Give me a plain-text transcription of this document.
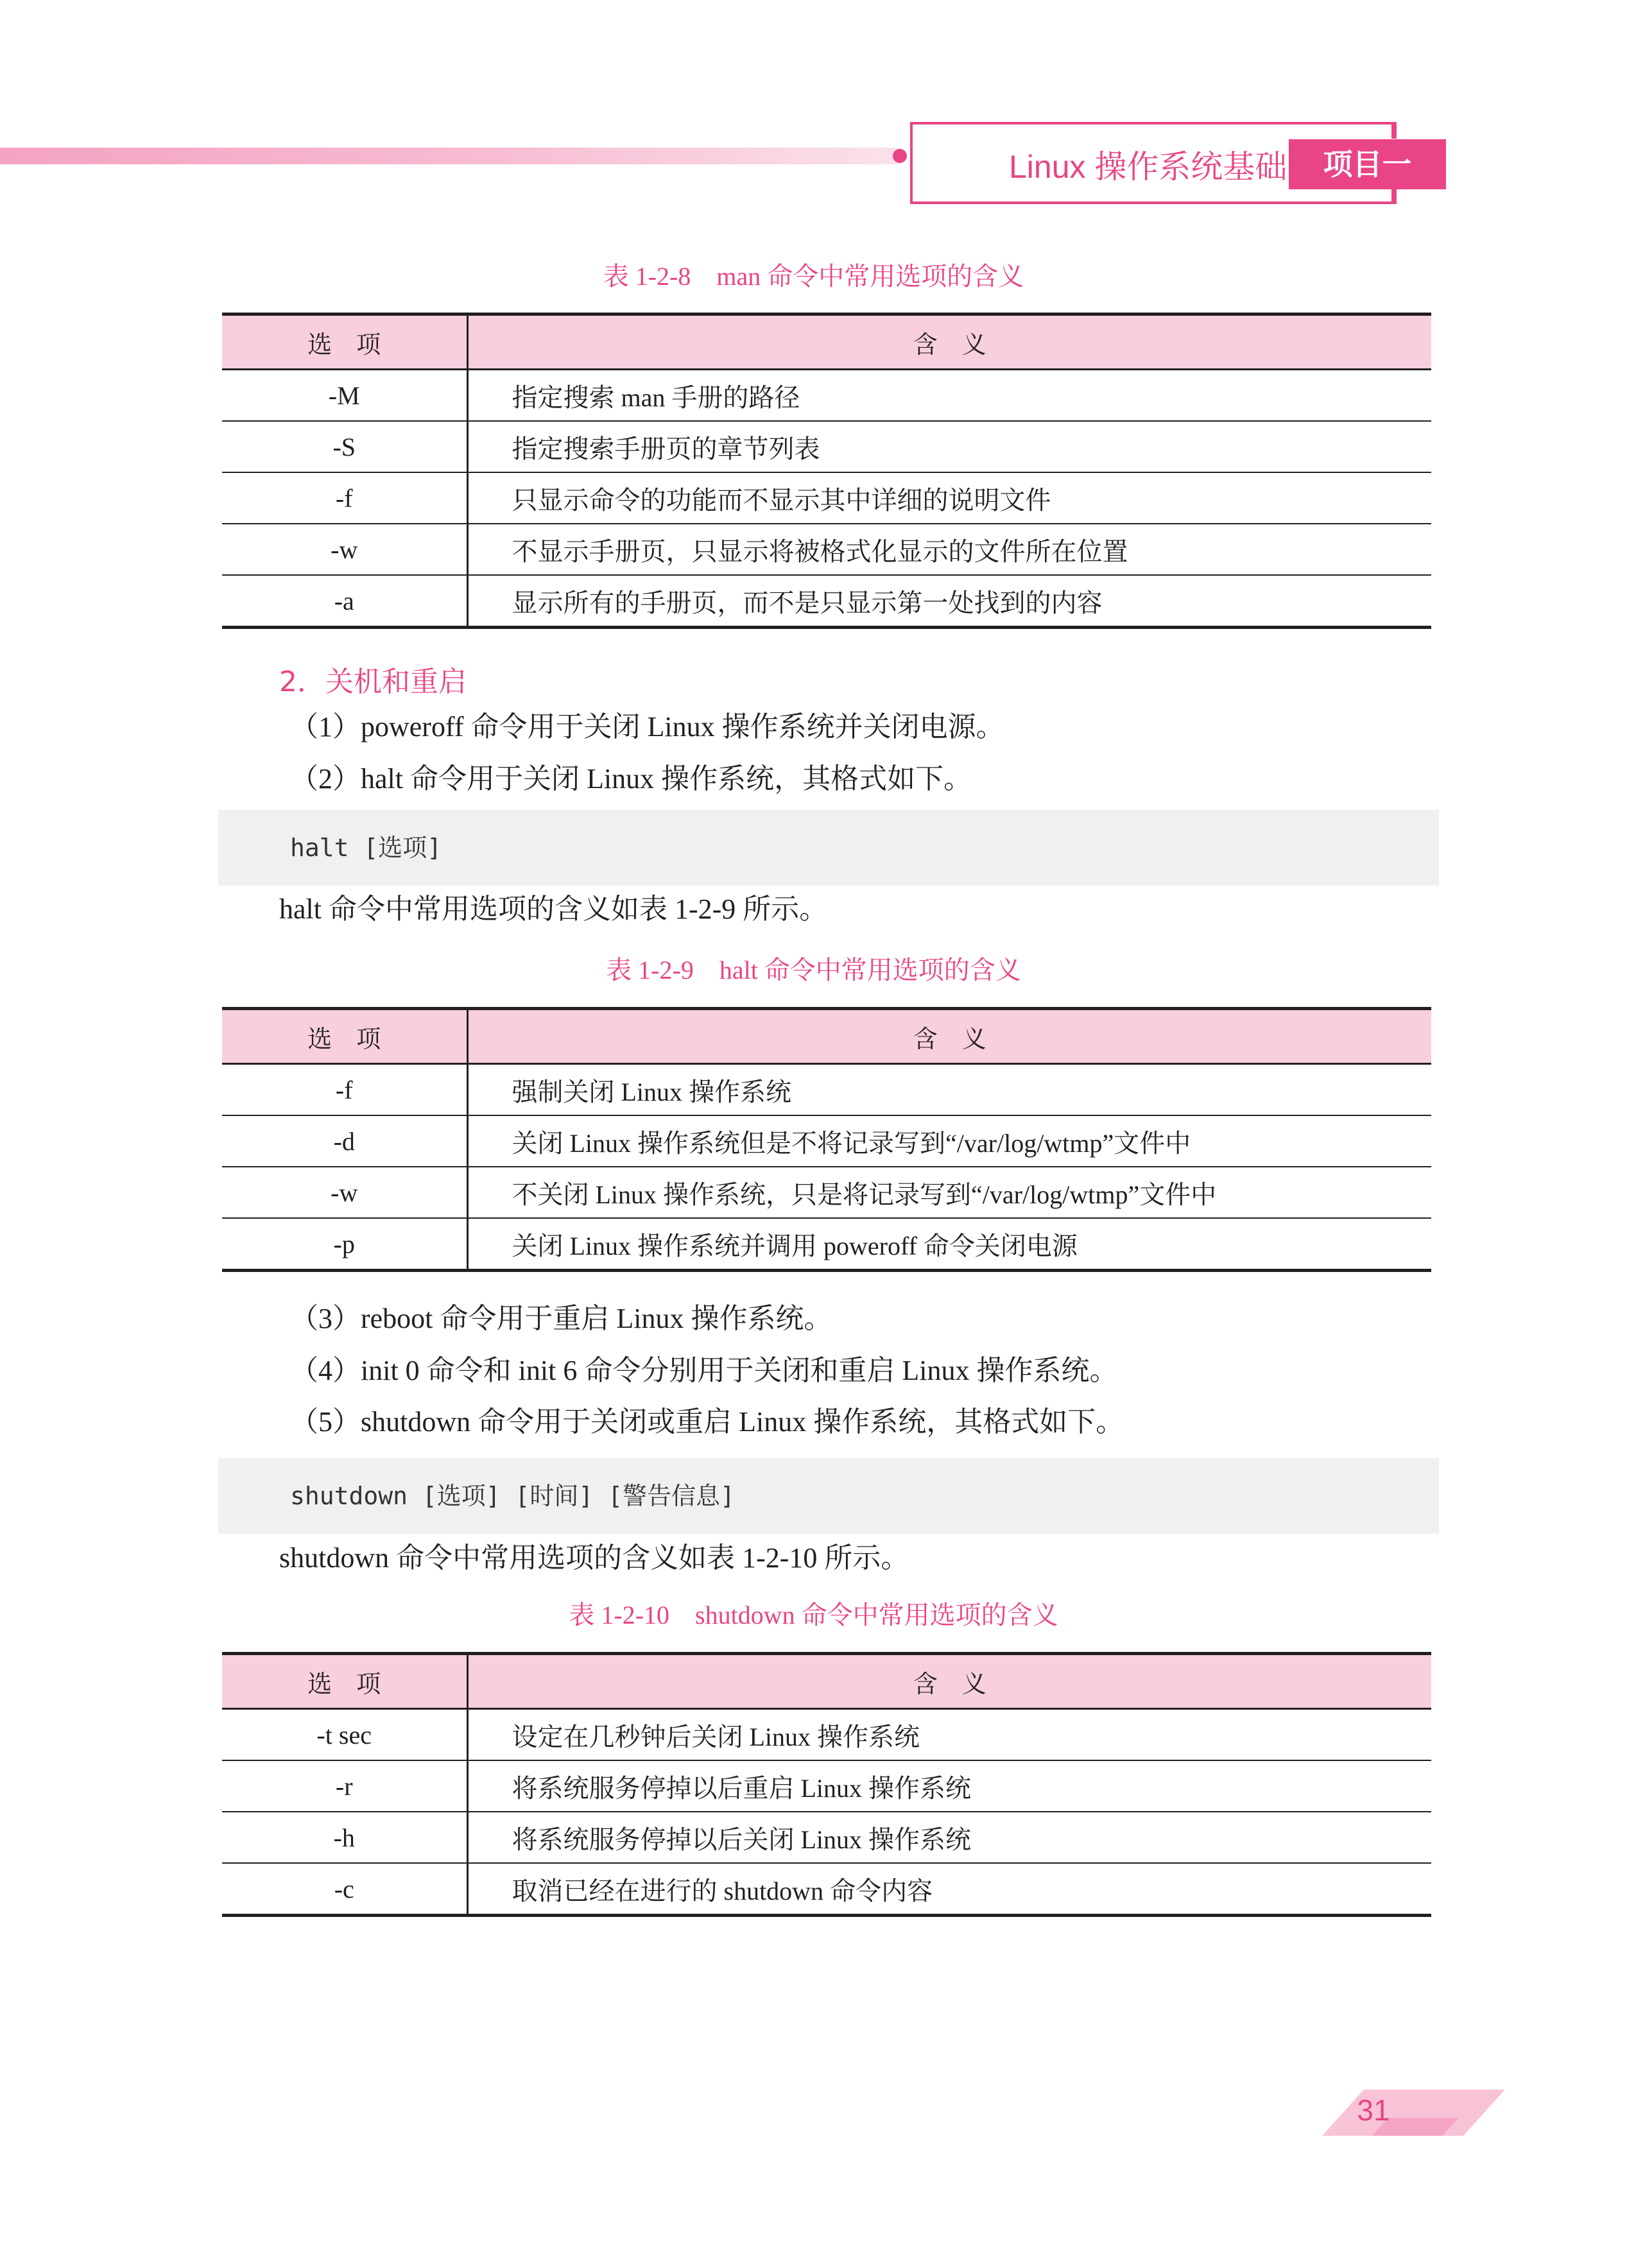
Linux 操作系统基础	项目一
表 1-2-8　man 命令中常用选项的含义
选　项	含　义
-M	指定搜索 man 手册的路径
-S	指定搜索手册页的章节列表
-f	只显示命令的功能而不显示其中详细的说明文件
-w	不显示手册页，只显示将被格式化显示的文件所在位置
-a	显示所有的手册页，而不是只显示第一处找到的内容
2．关机和重启
（1）poweroff 命令用于关闭 Linux 操作系统并关闭电源。
（2）halt 命令用于关闭 Linux 操作系统，其格式如下。
halt [选项]
halt 命令中常用选项的含义如表 1-2-9 所示。
表 1-2-9　halt 命令中常用选项的含义
选　项	含　义
-f	强制关闭 Linux 操作系统
-d	关闭 Linux 操作系统但是不将记录写到“/var/log/wtmp”文件中
-w	不关闭 Linux 操作系统，只是将记录写到“/var/log/wtmp”文件中
-p	关闭 Linux 操作系统并调用 poweroff 命令关闭电源
（3）reboot 命令用于重启 Linux 操作系统。
（4）init 0 命令和 init 6 命令分别用于关闭和重启 Linux 操作系统。
（5）shutdown 命令用于关闭或重启 Linux 操作系统，其格式如下。
shutdown [选项] [时间] [警告信息]
shutdown 命令中常用选项的含义如表 1-2-10 所示。
表 1-2-10　shutdown 命令中常用选项的含义
选　项	含　义
-t sec	设定在几秒钟后关闭 Linux 操作系统
-r	将系统服务停掉以后重启 Linux 操作系统
-h	将系统服务停掉以后关闭 Linux 操作系统
-c	取消已经在进行的 shutdown 命令内容
31
